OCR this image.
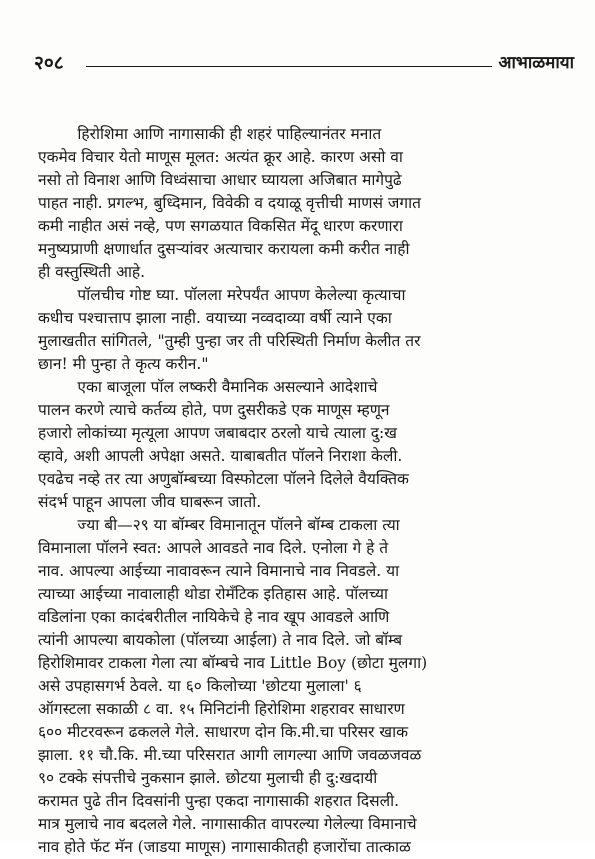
२०८	आभाळमाया
हिरोशिमा आणि नागासाकी ही शहरं पाहिल्यानंतर मनात
एकमेव विचार येतो माणूस मूलत: अत्यंत क्रूर आहे. कारण असो वा
नसो तो विनाश आणि विध्वंसाचा आधार घ्यायला अजिबात मागेपुढे
पाहत नाही. प्रगल्भ, बुध्दिमान, विवेकी व दयाळू वृत्तीची माणसं जगात
कमी नाहीत असं नव्हे, पण सगळयात विकसित मेंदू धारण करणारा
मनुष्यप्राणी क्षणार्धात दुसऱ्यांवर अत्याचार करायला कमी करीत नाही
ही वस्तुस्थिती आहे.
पॉलचीच गोष्ट घ्या. पॉलला मरेपर्यंत आपण केलेल्या कृत्याचा
कधीच पश्चात्ताप झाला नाही. वयाच्या नव्वदाव्या वर्षी त्याने एका
मुलाखतीत सांगितले, "तुम्ही पुन्हा जर ती परिस्थिती निर्माण केलीत तर
छान! मी पुन्हा ते कृत्य करीन."
एका बाजूला पॉल लष्करी वैमानिक असल्याने आदेशाचे
पालन करणे त्याचे कर्तव्य होते, पण दुसरीकडे एक माणूस म्हणून
हजारो लोकांच्या मृत्यूला आपण जबाबदार ठरलो याचे त्याला दु:ख
व्हावे, अशी आपली अपेक्षा असते. याबाबतीत पॉलने निराशा केली.
एवढेच नव्हे तर त्या अणुबॉम्बच्या विस्फोटला पॉलने दिलेले वैयक्तिक
संदर्भ पाहून आपला जीव घाबरून जातो.
ज्या बी—२९ या बॉम्बर विमानातून पॉलने बॉम्ब टाकला त्या
विमानाला पॉलने स्वत: आपले आवडते नाव दिले. एनोला गे हे ते
नाव. आपल्या आईच्या नावावरून त्याने विमानाचे नाव निवडले. या
त्याच्या आईच्या नावालाही थोडा रोमँटिक इतिहास आहे. पॉलच्या
वडिलांना एका कादंबरीतील नायिकेचे हे नाव खूप आवडले आणि
त्यांनी आपल्या बायकोला (पॉलच्या आईला) ते नाव दिले. जो बॉम्ब
हिरोशिमावर टाकला गेला त्या बॉम्बचे नाव Little Boy (छोटा मुलगा)
असे उपहासगर्भ ठेवले. या ६० किलोच्या 'छोटया मुलाला' ६
ऑगस्टला सकाळी ८ वा. १५ मिनिटांनी हिरोशिमा शहरावर साधारण
६०० मीटरवरून ढकलले गेले. साधारण दोन कि.मी.चा परिसर खाक
झाला. ११ चौ.कि. मी.च्या परिसरात आगी लागल्या आणि जवळजवळ
९० टक्के संपत्तीचे नुकसान झाले. छोटया मुलाची ही दु:खदायी
करामत पुढे तीन दिवसांनी पुन्हा एकदा नागासाकी शहरात दिसली.
मात्र मुलाचे नाव बदलले गेले. नागासाकीत वापरल्या गेलेल्या विमानाचे
नाव होते फॅट मॅन (जाडया माणूस) नागासाकीतही हजारोंचा तात्काळ
